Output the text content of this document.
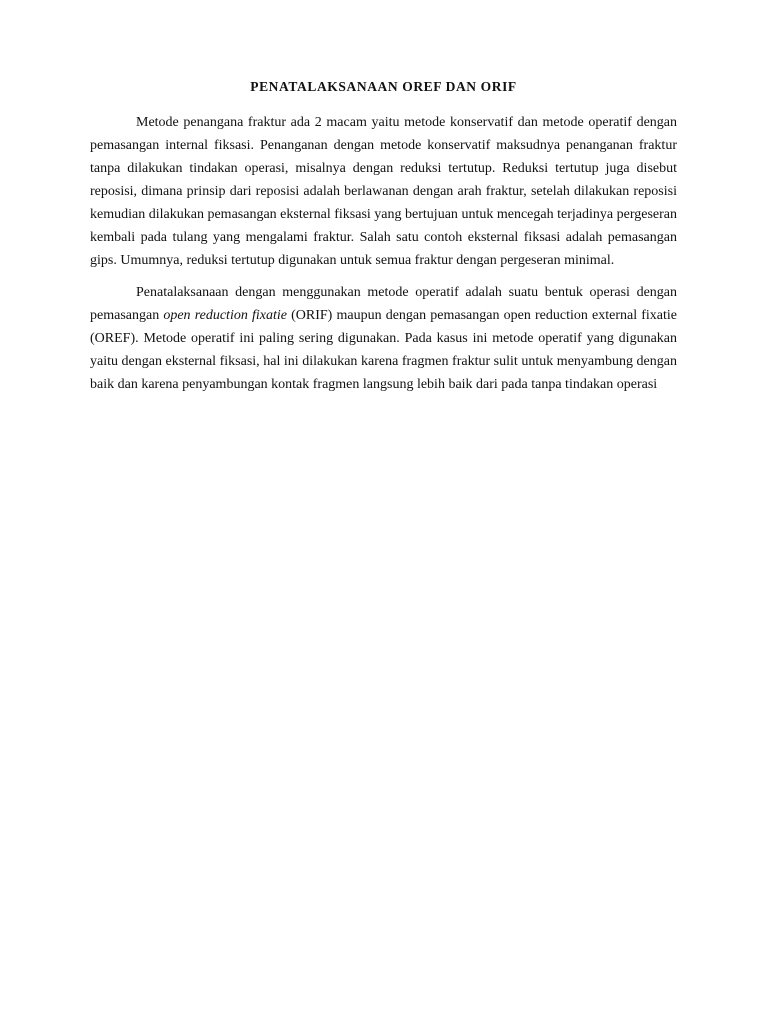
PENATALAKSANAAN OREF DAN ORIF

Metode penangana fraktur ada 2 macam yaitu metode konservatif dan metode operatif dengan pemasangan internal fiksasi. Penanganan dengan metode konservatif maksudnya penanganan fraktur tanpa dilakukan tindakan operasi, misalnya dengan reduksi tertutup. Reduksi tertutup juga disebut reposisi, dimana prinsip dari reposisi adalah berlawanan dengan arah fraktur, setelah dilakukan reposisi kemudian dilakukan pemasangan eksternal fiksasi yang bertujuan untuk mencegah terjadinya pergeseran kembali pada tulang yang mengalami fraktur. Salah satu contoh eksternal fiksasi adalah pemasangan gips. Umumnya, reduksi tertutup digunakan untuk semua fraktur dengan pergeseran minimal.

Penatalaksanaan dengan menggunakan metode operatif adalah suatu bentuk operasi dengan pemasangan open reduction fixatie (ORIF) maupun dengan pemasangan open reduction external fixatie (OREF). Metode operatif ini paling sering digunakan. Pada kasus ini metode operatif yang digunakan yaitu dengan eksternal fiksasi, hal ini dilakukan karena fragmen fraktur sulit untuk menyambung dengan baik dan karena penyambungan kontak fragmen langsung lebih baik dari pada tanpa tindakan operasi
